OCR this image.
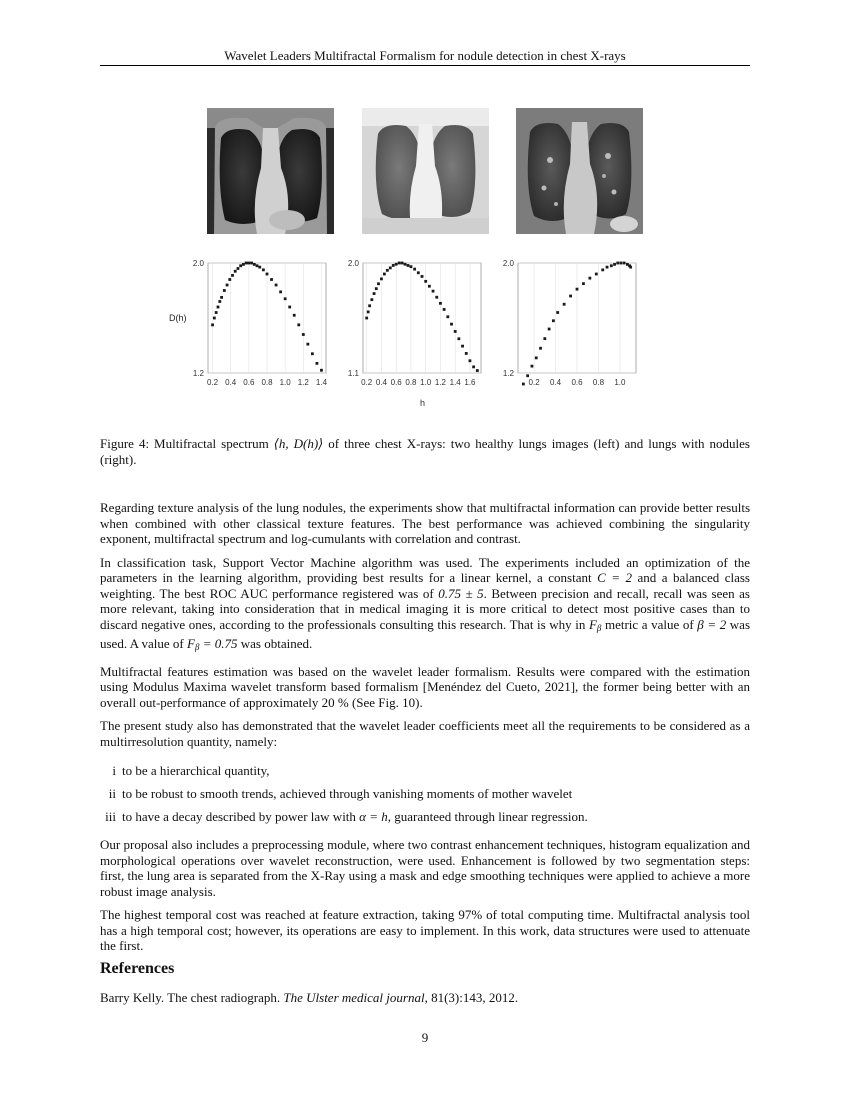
Wavelet Leaders Multifractal Formalism for nodule detection in chest X-rays
D(h)
0.2 0.4 0.6 0.8 1.0 1.2 1.4
2.0
1.2
0.2 0.4 0.6 0.8 1.0 1.2 1.4 1.6
2.0
1.1
0.2 0.4 0.6 0.8 1.0
2.0
1.2
h
Figure 4: Multifractal spectrum ⟨h, D(h)⟩ of three chest X-rays: two healthy lungs images (left) and lungs with nodules (right).

Regarding texture analysis of the lung nodules, the experiments show that multifractal information can provide better results when combined with other classical texture features. The best performance was achieved combining the singularity exponent, multifractal spectrum and log-cumulants with correlation and contrast.

In classification task, Support Vector Machine algorithm was used. The experiments included an optimization of the parameters in the learning algorithm, providing best results for a linear kernel, a constant C = 2 and a balanced class weighting. The best ROC AUC performance registered was of 0.75 ± 5. Between precision and recall, recall was seen as more relevant, taking into consideration that in medical imaging it is more critical to detect most positive cases than to discard negative ones, according to the professionals consulting this research. That is why in $F_\beta$ metric a value of β = 2 was used. A value of $F_\beta = 0.75$ was obtained.

Multifractal features estimation was based on the wavelet leader formalism. Results were compared with the estimation using Modulus Maxima wavelet transform based formalism [Menéndez del Cueto, 2021], the former being better with an overall out-performance of approximately 20 % (See Fig. 10).

The present study also has demonstrated that the wavelet leader coefficients meet all the requirements to be considered as a multirresolution quantity, namely:

i to be a hierarchical quantity,
ii to be robust to smooth trends, achieved through vanishing moments of mother wavelet
iii to have a decay described by power law with α = h, guaranteed through linear regression.

Our proposal also includes a preprocessing module, where two contrast enhancement techniques, histogram equalization and morphological operations over wavelet reconstruction, were used. Enhancement is followed by two segmentation steps: first, the lung area is separated from the X-Ray using a mask and edge smoothing techniques were applied to achieve a more robust image analysis.

The highest temporal cost was reached at feature extraction, taking 97% of total computing time. Multifractal analysis tool has a high temporal cost; however, its operations are easy to implement. In this work, data structures were used to attenuate the first.

References
Barry Kelly. The chest radiograph. The Ulster medical journal, 81(3):143, 2012.
9
